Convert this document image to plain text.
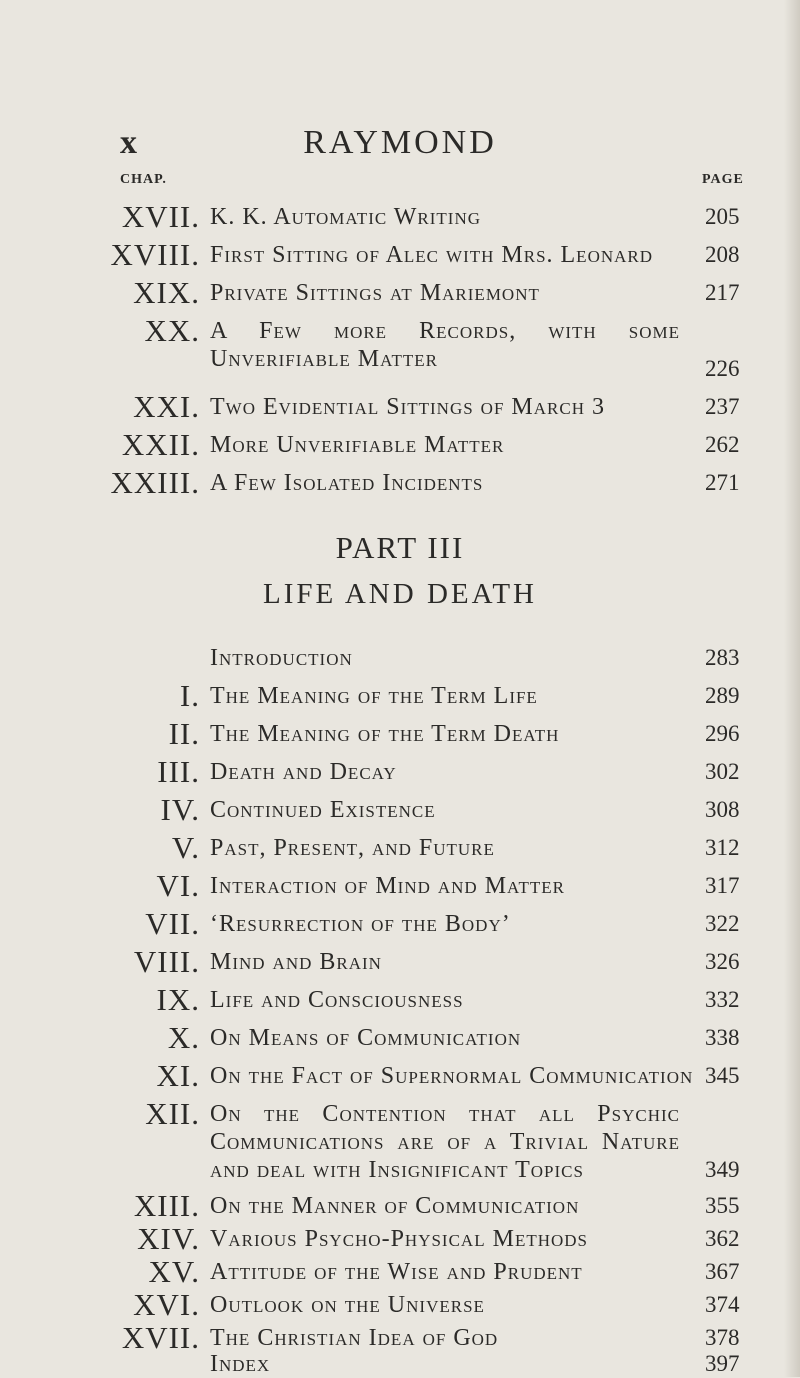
x	RAYMOND
CHAP.	PAGE
XVII. K. K. Automatic Writing	205
XVIII. First Sitting of Alec with Mrs. Leonard 208
XIX. Private Sittings at Mariemont	217
XX. A Few more Records, with some Unverifiable Matter	226
XXI. Two Evidential Sittings of March 3	237
XXII. More Unverifiable Matter	262
XXIII. A Few Isolated Incidents	271
PART III
LIFE AND DEATH
Introduction	283
I. The Meaning of the Term Life	289
II. The Meaning of the Term Death	296
III. Death and Decay	302
IV. Continued Existence	308
V. Past, Present, and Future	312
VI. Interaction of Mind and Matter	317
VII. ‘Resurrection of the Body’	322
VIII. Mind and Brain	326
IX. Life and Consciousness	332
X. On Means of Communication	338
XI. On the Fact of Supernormal Communication 345
XII. On the Contention that all Psychic Communications are of a Trivial Nature and deal with Insignificant Topics	349
XIII. On the Manner of Communication	355
XIV. Various Psycho-Physical Methods	362
XV. Attitude of the Wise and Prudent	367
XVI. Outlook on the Universe	374
XVII. The Christian Idea of God	378
Index	397
